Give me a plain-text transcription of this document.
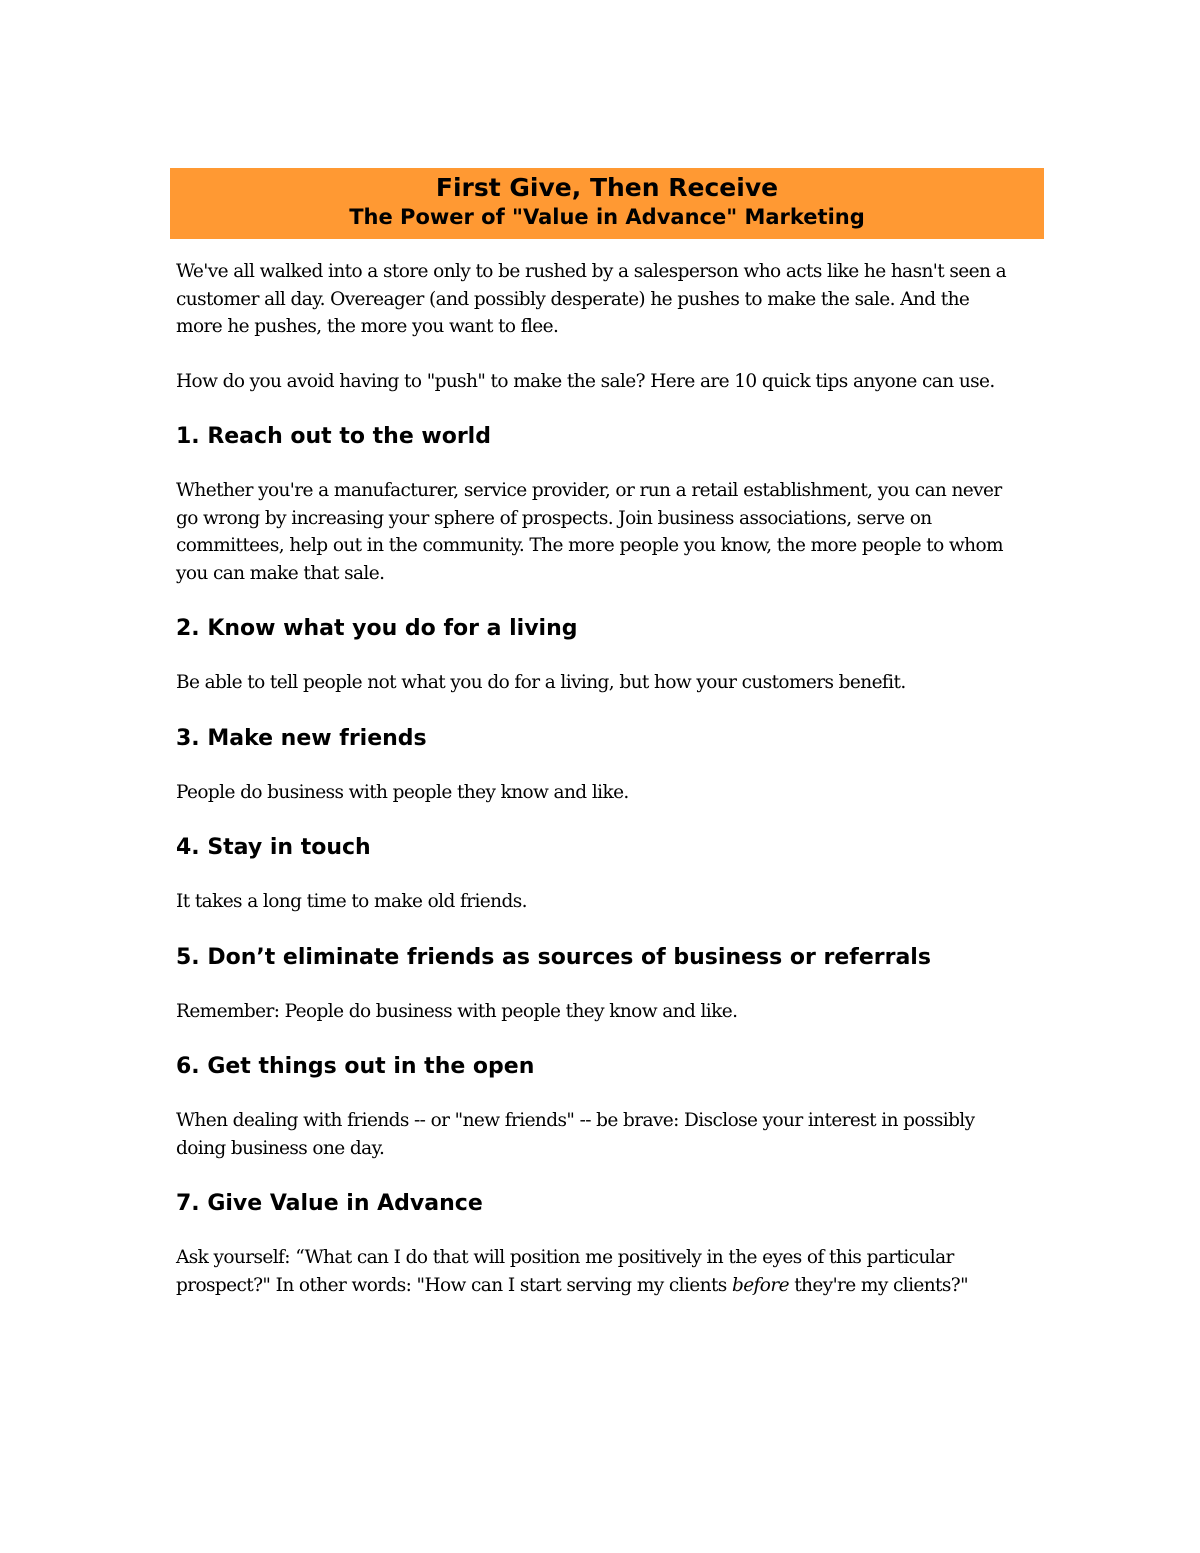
First Give, Then Receive
The Power of "Value in Advance" Marketing

We've all walked into a store only to be rushed by a salesperson who acts like he hasn't seen a customer all day. Overeager (and possibly desperate) he pushes to make the sale. And the more he pushes, the more you want to flee.

How do you avoid having to "push" to make the sale? Here are 10 quick tips anyone can use.

1. Reach out to the world

Whether you're a manufacturer, service provider, or run a retail establishment, you can never go wrong by increasing your sphere of prospects. Join business associations, serve on committees, help out in the community. The more people you know, the more people to whom you can make that sale.

2. Know what you do for a living

Be able to tell people not what you do for a living, but how your customers benefit.

3. Make new friends

People do business with people they know and like.

4. Stay in touch

It takes a long time to make old friends.

5. Don’t eliminate friends as sources of business or referrals

Remember: People do business with people they know and like.

6. Get things out in the open

When dealing with friends -- or "new friends" -- be brave: Disclose your interest in possibly doing business one day.

7. Give Value in Advance

Ask yourself: “What can I do that will position me positively in the eyes of this particular prospect?" In other words: "How can I start serving my clients before they're my clients?"
